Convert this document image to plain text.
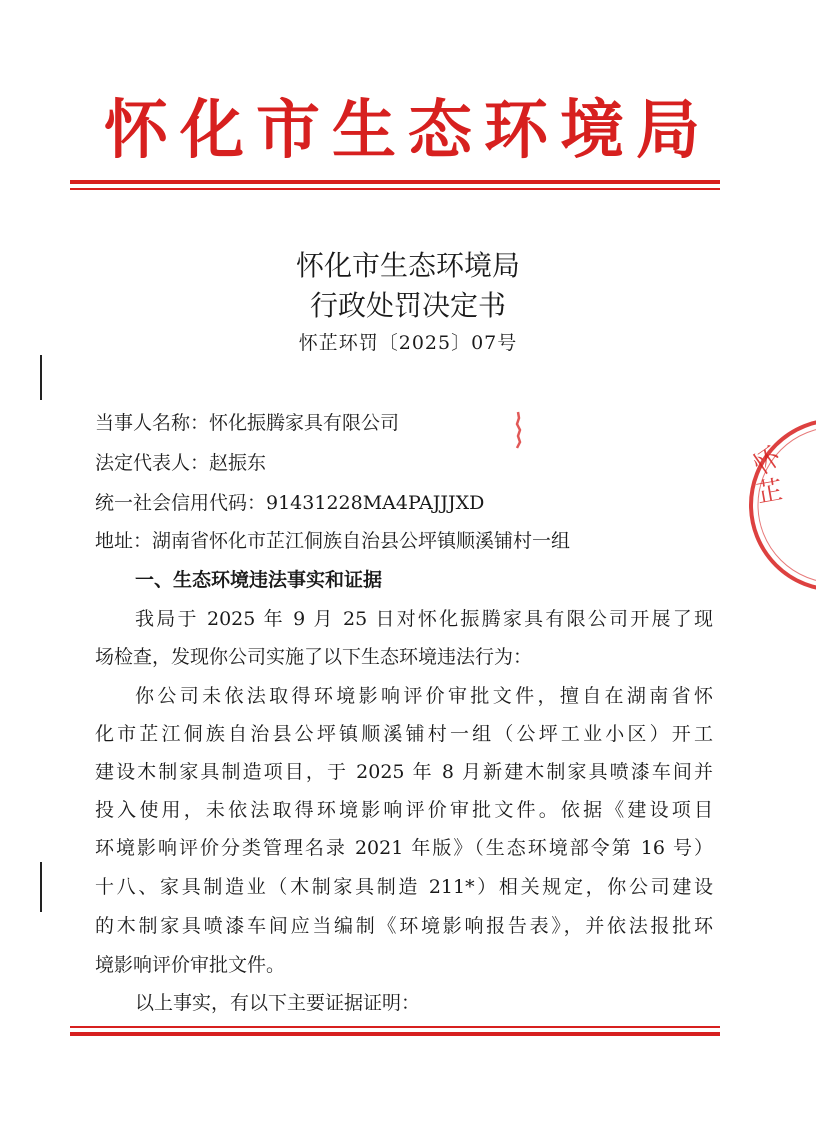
怀化市生态环境局
怀化市生态环境局
行政处罚决定书
怀芷环罚〔2025〕07号
当事人名称：怀化振腾家具有限公司
法定代表人：赵振东
统一社会信用代码：91431228MA4PAJJJXD
地址：湖南省怀化市芷江侗族自治县公坪镇顺溪铺村一组
一、生态环境违法事实和证据
我局于 2025 年 9 月 25 日对怀化振腾家具有限公司开展了现
场检查，发现你公司实施了以下生态环境违法行为：
你公司未依法取得环境影响评价审批文件，擅自在湖南省怀
化市芷江侗族自治县公坪镇顺溪铺村一组（公坪工业小区）开工
建设木制家具制造项目，于 2025 年 8 月新建木制家具喷漆车间并
投入使用，未依法取得环境影响评价审批文件。依据《建设项目
环境影响评价分类管理名录 2021 年版》（生态环境部令第 16 号）
十八、家具制造业（木制家具制造 211*）相关规定，你公司建设
的木制家具喷漆车间应当编制《环境影响报告表》，并依法报批环
境影响评价审批文件。
以上事实，有以下主要证据证明：
怀
芷
